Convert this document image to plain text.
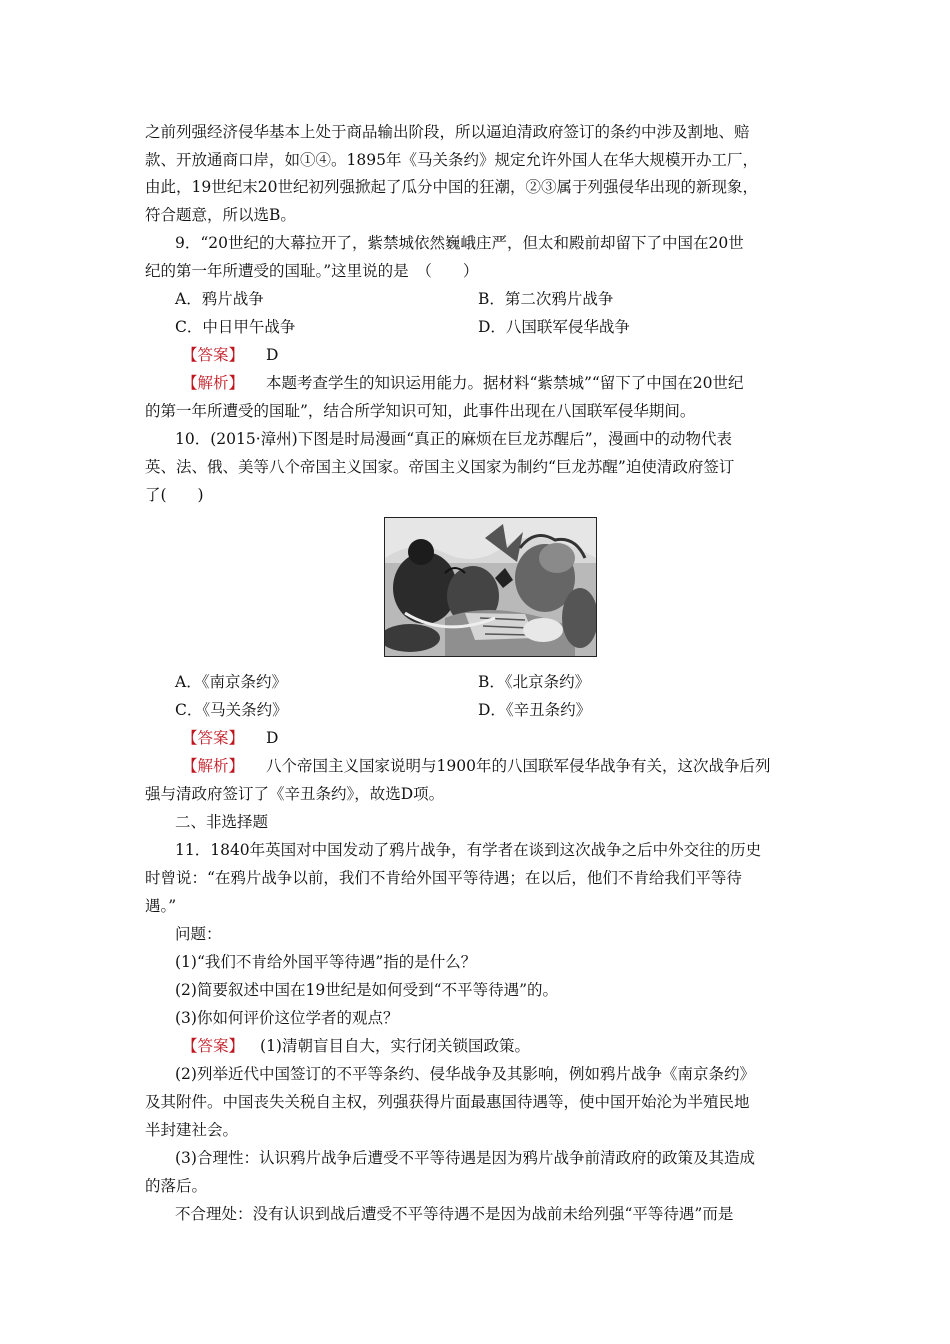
之前列强经济侵华基本上处于商品输出阶段，所以逼迫清政府签订的条约中涉及割地、赔
款、开放通商口岸，如①④。1895年《马关条约》规定允许外国人在华大规模开办工厂，
由此，19世纪末20世纪初列强掀起了瓜分中国的狂潮，②③属于列强侵华出现的新现象，
符合题意，所以选B。
9．“20世纪的大幕拉开了，紫禁城依然巍峨庄严，但太和殿前却留下了中国在20世
纪的第一年所遭受的国耻。”这里说的是　（　　）
A．鸦片战争	B．第二次鸦片战争
C．中日甲午战争	D．八国联军侵华战争
【答案】 D
【解析】 本题考查学生的知识运用能力。据材料“紫禁城”“留下了中国在20世纪
的第一年所遭受的国耻”，结合所学知识可知，此事件出现在八国联军侵华期间。
10．(2015·漳州)下图是时局漫画“真正的麻烦在巨龙苏醒后”，漫画中的动物代表
英、法、俄、美等八个帝国主义国家。帝国主义国家为制约“巨龙苏醒”迫使清政府签订
了(　　)
A．《南京条约》	B．《北京条约》
C．《马关条约》	D．《辛丑条约》
【答案】 D
【解析】 八个帝国主义国家说明与1900年的八国联军侵华战争有关，这次战争后列
强与清政府签订了《辛丑条约》，故选D项。
二、非选择题
11．1840年英国对中国发动了鸦片战争，有学者在谈到这次战争之后中外交往的历史
时曾说：“在鸦片战争以前，我们不肯给外国平等待遇；在以后，他们不肯给我们平等待
遇。”
问题：
(1)“我们不肯给外国平等待遇”指的是什么？
(2)简要叙述中国在19世纪是如何受到“不平等待遇”的。
(3)你如何评价这位学者的观点？
【答案】 (1)清朝盲目自大，实行闭关锁国政策。
(2)列举近代中国签订的不平等条约、侵华战争及其影响，例如鸦片战争《南京条约》
及其附件。中国丧失关税自主权，列强获得片面最惠国待遇等，使中国开始沦为半殖民地
半封建社会。
(3)合理性：认识鸦片战争后遭受不平等待遇是因为鸦片战争前清政府的政策及其造成
的落后。
不合理处：没有认识到战后遭受不平等待遇不是因为战前未给列强“平等待遇”而是
